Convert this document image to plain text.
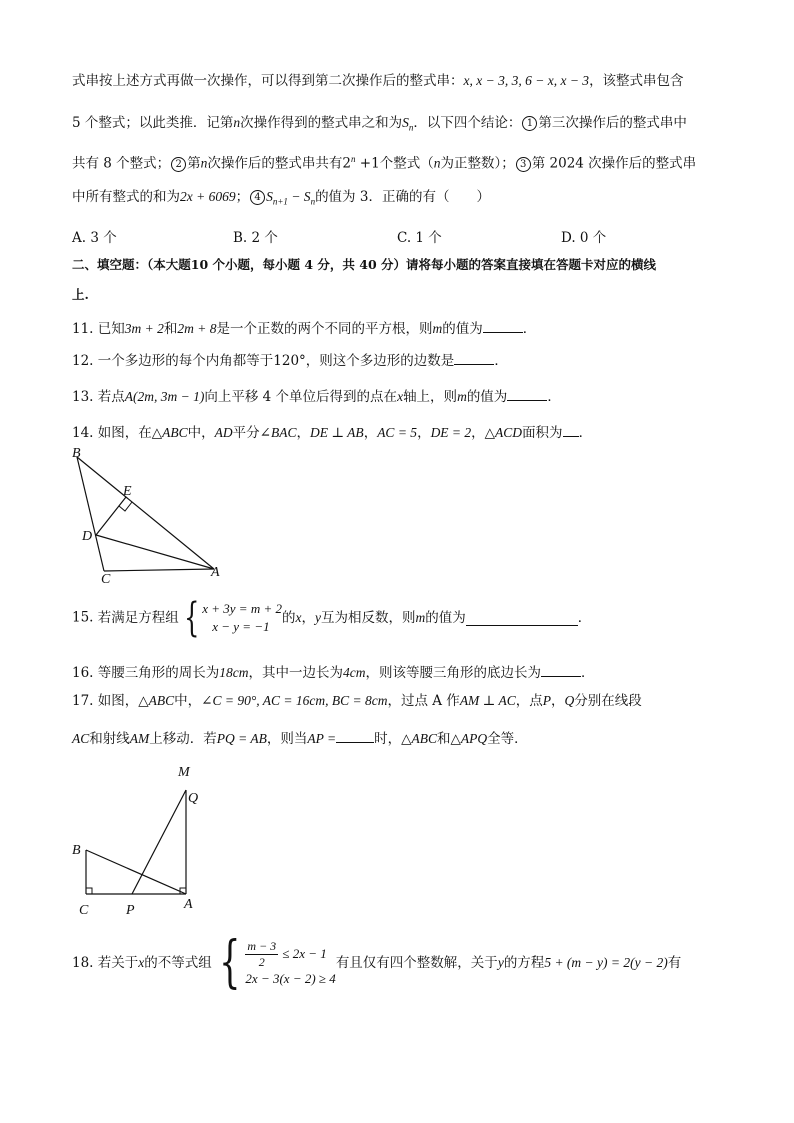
式串按上述方式再做一次操作，可以得到第二次操作后的整式串：x, x − 3, 3, 6 − x, x − 3，该整式串包含
5 个整式；以此类推．记第n次操作得到的整式串之和为$S_n$．以下四个结论： 1 第三次操作后的整式串中
共有 8 个整式； 2 第n次操作后的整式串共有$2^n +1$个整式（n为正整数）； 3 第 2024 次操作后的整式串
中所有整式的和为2x + 6069； 4 $S_{n+1} - S_n$的值为 3．正确的有（　　）
A. 3 个	B. 2 个	C. 1 个	D. 0 个
二、填空题：（本大题10 个小题，每小题 4 分，共 40 分）请将每小题的答案直接填在答题卡对应的横线
上.
11. 已知3m + 2和2m + 8是一个正数的两个不同的平方根，则m的值为	．
12. 一个多边形的每个内角都等于120°，则这个多边形的边数是	．
13. 若点A(2m, 3m − 1)向上平移 4 个单位后得到的点在x轴上，则m的值为	．
14. 如图，在△ABC中，AD平分∠BAC，DE ⊥ AB，AC = 5，DE = 2，△ACD面积为 ．
B
E
D
C	A
15. 若满足方程组 { x + 3y = m + 2
x − y = −1
的x，y互为相反数，则m的值为	．
16. 等腰三角形的周长为18cm，其中一边长为4cm，则该等腰三角形的底边长为	．
17. 如图，△ABC中，∠C = 90°, AC = 16cm, BC = 8cm，过点 A 作AM ⊥ AC，点P，Q分别在线段
AC和射线AM上移动．若PQ = AB，则当AP =	时，△ABC和△APQ全等．
M
Q
B
C	P	A
18. 若关于x的不等式组 { $\frac{m - 3}{2} \le 2x - 1$
2x − 3(x − 2) ≥ 4
有且仅有四个整数解，关于y的方程5 + (m − y) = 2(y − 2)有
